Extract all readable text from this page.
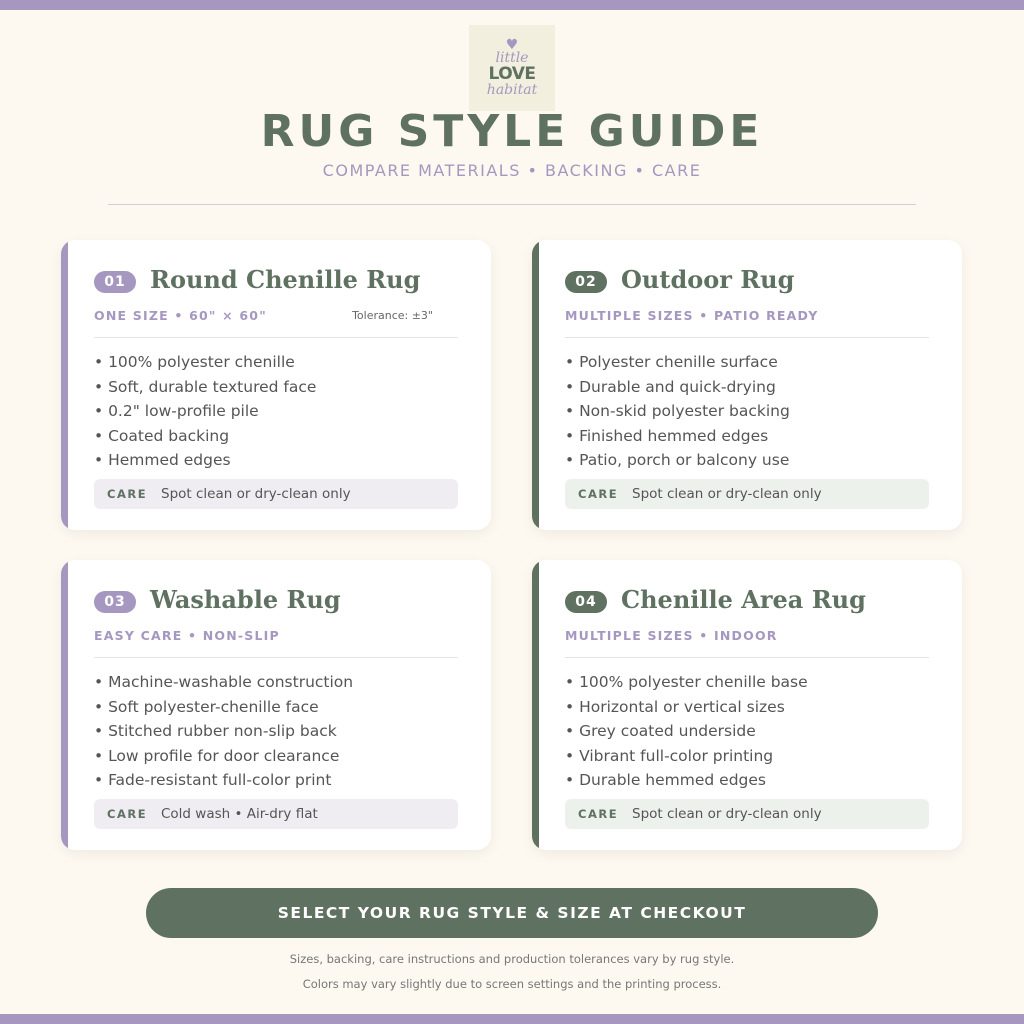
♥
little
LOVE
habitat
RUG STYLE GUIDE
COMPARE MATERIALS • BACKING • CARE
01	Round Chenille Rug
ONE SIZE • 60" × 60"	Tolerance: ±3"
• 100% polyester chenille
• Soft, durable textured face
• 0.2" low-profile pile
• Coated backing
• Hemmed edges
CARE	Spot clean or dry-clean only
02	Outdoor Rug
MULTIPLE SIZES • PATIO READY
• Polyester chenille surface
• Durable and quick-drying
• Non-skid polyester backing
• Finished hemmed edges
• Patio, porch or balcony use
CARE	Spot clean or dry-clean only
03	Washable Rug
EASY CARE • NON-SLIP
• Machine-washable construction
• Soft polyester-chenille face
• Stitched rubber non-slip back
• Low profile for door clearance
• Fade-resistant full-color print
CARE	Cold wash • Air-dry flat
04	Chenille Area Rug
MULTIPLE SIZES • INDOOR
• 100% polyester chenille base
• Horizontal or vertical sizes
• Grey coated underside
• Vibrant full-color printing
• Durable hemmed edges
CARE	Spot clean or dry-clean only
SELECT YOUR RUG STYLE & SIZE AT CHECKOUT
Sizes, backing, care instructions and production tolerances vary by rug style.
Colors may vary slightly due to screen settings and the printing process.
